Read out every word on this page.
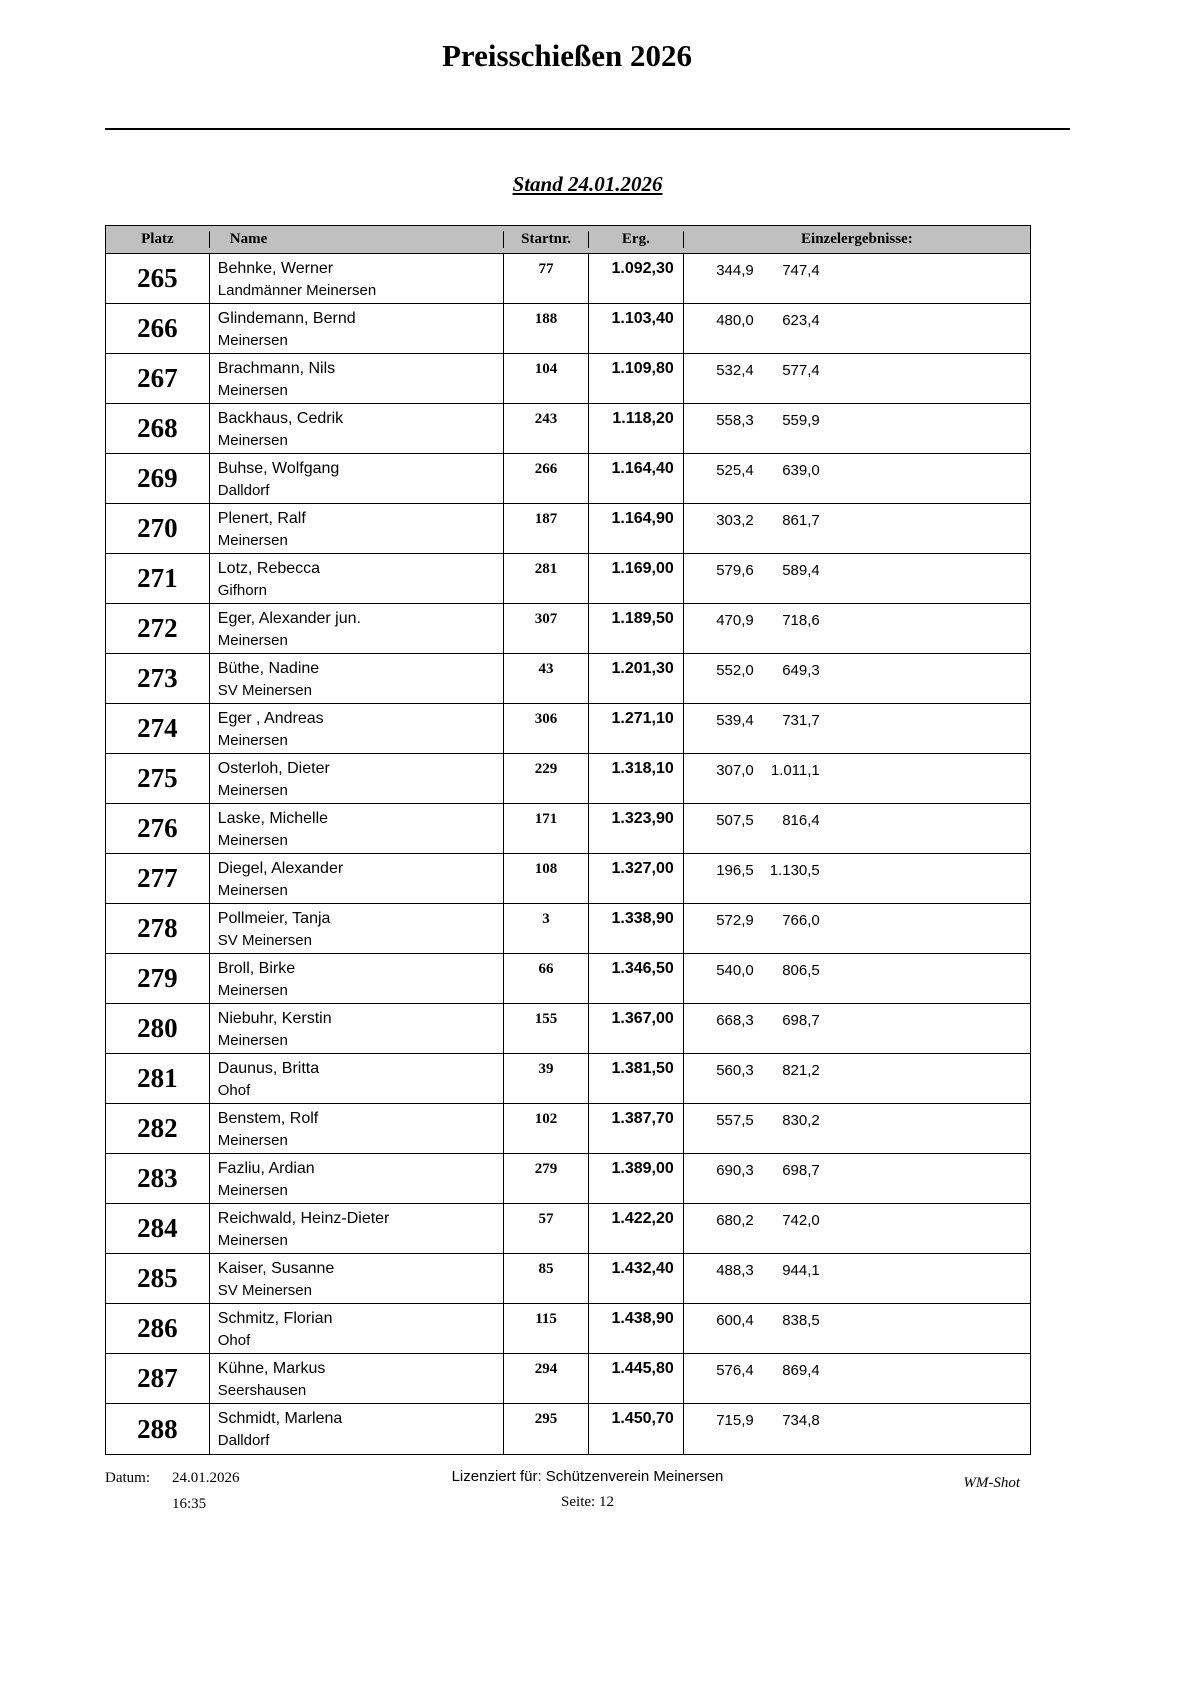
Preisschießen 2026
Stand 24.01.2026
Platz	Name	Startnr.	Erg.	Einzelergebnisse:
265	Behnke, Werner
Landmänner Meinersen
77	1.092,30	344,9	747,4
266	Glindemann, Bernd
Meinersen
188	1.103,40	480,0	623,4
267	Brachmann, Nils
Meinersen
104	1.109,80	532,4	577,4
268	Backhaus, Cedrik
Meinersen
243	1.118,20	558,3	559,9
269	Buhse, Wolfgang
Dalldorf
266	1.164,40	525,4	639,0
270	Plenert, Ralf
Meinersen
187	1.164,90	303,2	861,7
271	Lotz, Rebecca
Gifhorn
281	1.169,00	579,6	589,4
272	Eger, Alexander jun.
Meinersen
307	1.189,50	470,9	718,6
273	Büthe, Nadine
SV Meinersen
43	1.201,30	552,0	649,3
274	Eger , Andreas
Meinersen
306	1.271,10	539,4	731,7
275	Osterloh, Dieter
Meinersen
229	1.318,10	307,0	1.011,1
276	Laske, Michelle
Meinersen
171	1.323,90	507,5	816,4
277	Diegel, Alexander
Meinersen
108	1.327,00	196,5	1.130,5
278	Pollmeier, Tanja
SV Meinersen
3	1.338,90	572,9	766,0
279	Broll, Birke
Meinersen
66	1.346,50	540,0	806,5
280	Niebuhr, Kerstin
Meinersen
155	1.367,00	668,3	698,7
281	Daunus, Britta
Ohof
39	1.381,50	560,3	821,2
282	Benstem, Rolf
Meinersen
102	1.387,70	557,5	830,2
283	Fazliu, Ardian
Meinersen
279	1.389,00	690,3	698,7
284	Reichwald, Heinz-Dieter
Meinersen
57	1.422,20	680,2	742,0
285	Kaiser, Susanne
SV Meinersen
85	1.432,40	488,3	944,1
286	Schmitz, Florian
Ohof
115	1.438,90	600,4	838,5
287	Kühne, Markus
Seershausen
294	1.445,80	576,4	869,4
288	Schmidt, Marlena
Dalldorf
295	1.450,70	715,9	734,8
Datum: 24.01.2026
16:35
Lizenziert für: Schützenverein Meinersen
Seite: 12
WM-Shot
